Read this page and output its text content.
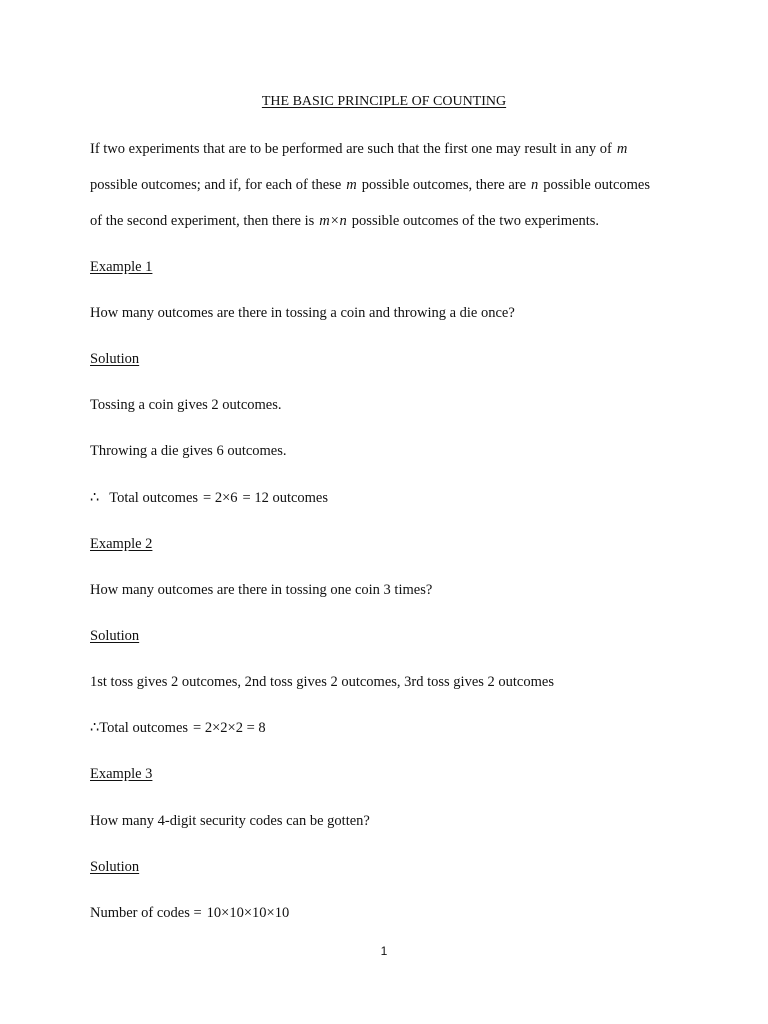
THE BASIC PRINCIPLE OF COUNTING
If two experiments that are to be performed are such that the first one may result in any of m
possible outcomes; and if, for each of these m possible outcomes, there are n possible outcomes
of the second experiment, then there is m×n possible outcomes of the two experiments.
Example 1
How many outcomes are there in tossing a coin and throwing a die once?
Solution
Tossing a coin gives 2 outcomes.
Throwing a die gives 6 outcomes.
∴ Total outcomes = 2×6 = 12 outcomes
Example 2
How many outcomes are there in tossing one coin 3 times?
Solution
1st toss gives 2 outcomes, 2nd toss gives 2 outcomes, 3rd toss gives 2 outcomes
∴Total outcomes = 2×2×2 = 8
Example 3
How many 4-digit security codes can be gotten?
Solution
Number of codes = 10×10×10×10
1
